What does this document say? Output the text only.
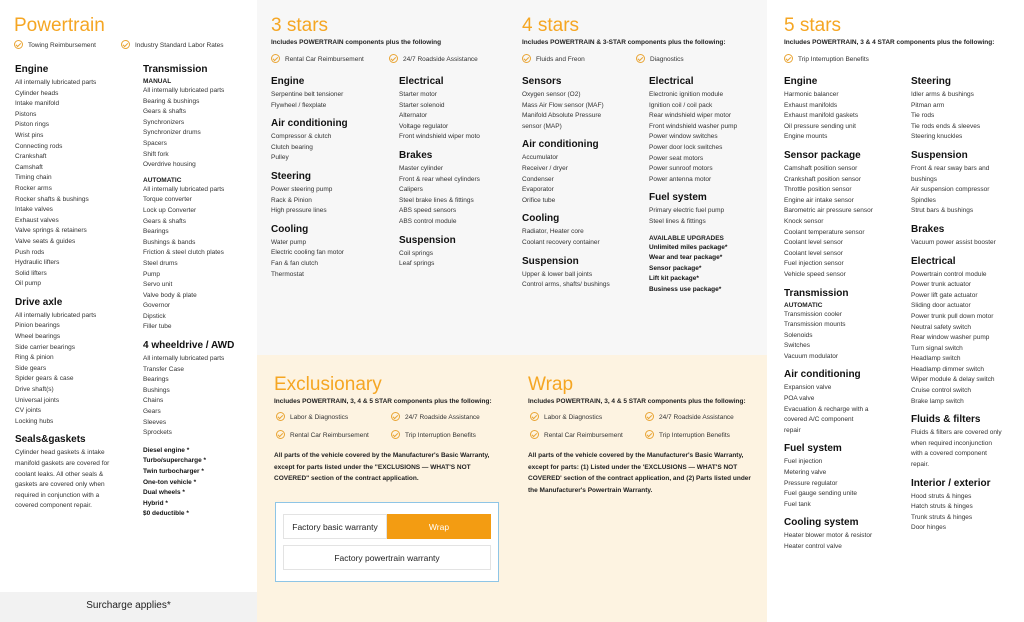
Surcharge applies*
Powertrain
Towing Reimbursement	Industry Standard Labor Rates
Engine
All internally lubricated parts
Cylinder heads
Intake manifold
Pistons
Piston rings
Wrist pins
Connecting rods
Crankshaft
Camshaft
Timing chain
Rocker arms
Rocker shafts & bushings
Intake valves
Exhaust valves
Valve springs & retainers
Valve seats & guides
Push rods
Hydraulic lifters
Solid lifters
Oil pump
Drive axle
All internally lubricated parts
Pinion bearings
Wheel bearings
Side carrier bearings
Ring & pinion
Side gears
Spider gears & case
Drive shaft(s)
Universal joints
CV joints
Locking hubs
Seals&gaskets
Cylinder head gaskets & intake manifold gaskets are covered for coolant leaks. All other seals & gaskets are covered only when required in conjunction with a covered component repair.
Transmission
MANUAL
All internally lubricated parts
Bearing & bushings
Gears & shafts
Synchronizers
Synchronizer drums
Spacers
Shift fork
Overdrive housing
AUTOMATIC
All internally lubricated parts
Torque converter
Lock up Converter
Gears & shafts
Bearings
Bushings & bands
Friction & steel clutch plates
Steel drums
Pump
Servo unit
Valve body & plate
Governor
Dipstick
Filler tube
4 wheeldrive / AWD
All internally lubricated parts
Transfer Case
Bearings
Bushings
Chains
Gears
Sleeves
Sprockets
Diesel engine *
Turbo/supercharge *
Twin turbocharger *
One-ton vehicle *
Dual wheels *
Hybrid *
$0 deductible *
3 stars
Includes POWERTRAIN components plus the following
Rental Car Reimbursement	24/7 Roadside Assistance
Engine
Serpentine belt tensioner
Flywheel / flexplate
Air conditioning
Compressor & clutch
Clutch bearing
Pulley
Steering
Power steering pump
Rack & Pinion
High pressure lines
Cooling
Water pump
Electric cooling fan motor
Fan & fan clutch
Thermostat
Electrical
Starter motor
Starter solenoid
Alternator
Voltage regulator
Front windshield wiper moto
Brakes
Master cylinder
Front & rear wheel cylinders
Calipers
Steel brake lines & fittings
ABS speed sensors
ABS control module
Suspension
Coil springs
Leaf springs
4 stars
Includes POWERTRAIN & 3-STAR components plus the following:
Fluids and Freon	Diagnostics
Sensors
Oxygen sensor (O2)
Mass Air Flow sensor (MAF)
Manifold Absolute Pressure
sensor (MAP)
Air conditioning
Accumulator
Receiver / dryer
Condenser
Evaporator
Orifice tube
Cooling
Radiator, Heater core
Coolant recovery container
Suspension
Upper & lower ball joints
Control arms, shafts/ bushings
Electrical
Electronic ignition module
Ignition coil / coil pack
Rear windshield wiper motor
Front windshield washer pump
Power window switches
Power door lock switches
Power seat motors
Power sunroof motors
Power antenna motor
Fuel system
Primary electric fuel pump
Steel lines & fittings
AVAILABLE UPGRADES
Unlimited miles package*
Wear and tear package*
Sensor package*
Lift kit package*
Business use package*
5 stars
Includes POWERTRAIN, 3 & 4 STAR components plus the following:
Trip Interruption Benefits
Engine
Harmonic balancer
Exhaust manifolds
Exhaust manifold gaskets
Oil pressure sending unit
Engine mounts
Sensor package
Camshaft position sensor
Crankshaft position sensor
Throttle position sensor
Engine air intake sensor
Barometric air pressure sensor
Knock sensor
Coolant temperature sensor
Coolant level sensor
Coolant level sensor
Fuel injection sensor
Vehicle speed sensor
Transmission
AUTOMATIC
Transmission cooler
Transmission mounts
Solenoids
Switches
Vacuum modulator
Air conditioning
Expansion valve
POA valve
Evacuation & recharge with a
covered A/C component
repair
Fuel system
Fuel injection
Metering valve
Pressure regulator
Fuel gauge sending unite
Fuel tank
Cooling system
Heater blower motor & resistor
Heater control valve
Steering
Idler arms & bushings
Pitman arm
Tie rods
Tie rods ends & sleeves
Steering knuckles
Suspension
Front & rear sway bars and
bushings
Air suspension compressor
Spindles
Strut bars & bushings
Brakes
Vacuum power assist booster
Electrical
Powertrain control module
Power trunk actuator
Power lift gate actuator
Sliding door actuator
Power trunk pull down motor
Neutral safety switch
Rear window washer pump
Turn signal switch
Headlamp switch
Headlamp dimmer switch
Wiper module & delay switch
Cruise control switch
Brake lamp switch
Fluids & filters
Fluids & filters are covered only
when required inconjunction
with a covered component
repair.
Interior / exterior
Hood struts & hinges
Hatch struts & hinges
Trunk struts & hinges
Door hinges
Exclusionary
Includes POWERTRAIN, 3, 4 & 5 STAR components plus the following:
Labor & Diagnostics	24/7 Roadside Assistance
Rental Car Reimbursement	Trip Interruption Benefits
All parts of the vehicle covered by the Manufacturer's Basic Warranty, except for parts listed under the "EXCLUSIONS — WHAT'S NOT COVERED" section of the contract application.
Wrap
Includes POWERTRAIN, 3, 4 & 5 STAR components plus the following:
Labor & Diagnostics	24/7 Roadside Assistance
Rental Car Reimbursement	Trip Interruption Benefits
All parts of the vehicle covered by the Manufacturer's Basic Warranty, except for parts: (1) Listed under the 'EXCLUSIONS — WHAT'S NOT COVERED' section of the contract application, and (2) Parts listed under the Manufacturer's Powertrain Warranty.
Factory basic warranty	Wrap
Factory powertrain warranty
